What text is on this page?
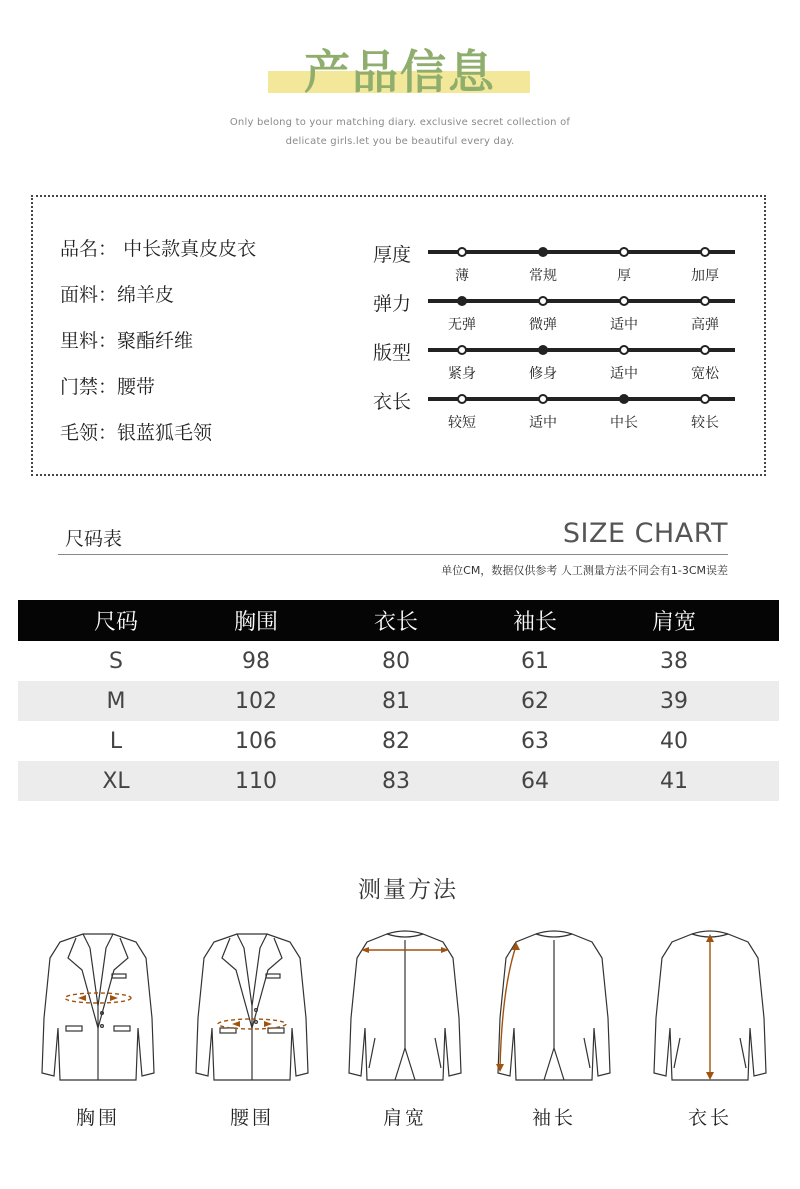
产品信息
Only belong to your matching diary. exclusive secret collection of
delicate girls.let you be beautiful every day.
品名： 中长款真皮皮衣
面料：绵羊皮
里料：聚酯纤维
门禁：腰带
毛领：银蓝狐毛领
厚度
薄	常规	厚	加厚
弹力
无弹	微弹	适中	高弹
版型
紧身	修身	适中	宽松
衣长
较短	适中	中长	较长
尺码表	SIZE CHART
单位CM，数据仅供参考 人工测量方法不同会有1-3CM误差
尺码	胸围	衣长	袖长	肩宽
S	98	80	61	38
M	102	81	62	39
L	106	82	63	40
XL	110	83	64	41
测量方法
胸围	腰围	肩宽	袖长	衣长
